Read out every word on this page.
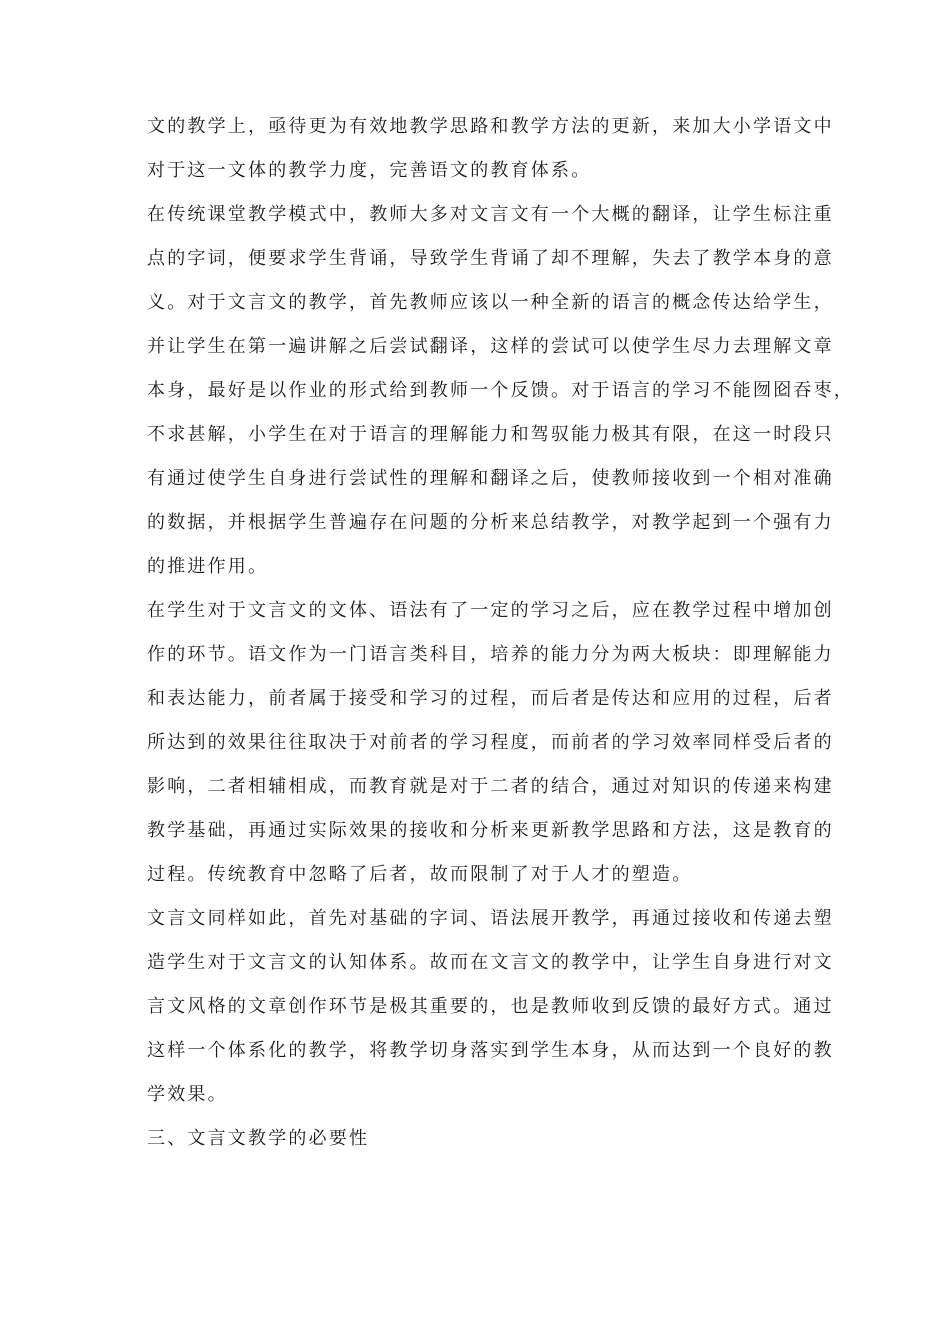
文的教学上，亟待更为有效地教学思路和教学方法的更新，来加大小学语文中
对于这一文体的教学力度，完善语文的教育体系。
在传统课堂教学模式中，教师大多对文言文有一个大概的翻译，让学生标注重
点的字词，便要求学生背诵，导致学生背诵了却不理解，失去了教学本身的意
义。对于文言文的教学，首先教师应该以一种全新的语言的概念传达给学生，
并让学生在第一遍讲解之后尝试翻译，这样的尝试可以使学生尽力去理解文章
本身，最好是以作业的形式给到教师一个反馈。对于语言的学习不能囫囵吞枣，
不求甚解，小学生在对于语言的理解能力和驾驭能力极其有限，在这一时段只
有通过使学生自身进行尝试性的理解和翻译之后，使教师接收到一个相对准确
的数据，并根据学生普遍存在问题的分析来总结教学，对教学起到一个强有力
的推进作用。
在学生对于文言文的文体、语法有了一定的学习之后，应在教学过程中增加创
作的环节。语文作为一门语言类科目，培养的能力分为两大板块：即理解能力
和表达能力，前者属于接受和学习的过程，而后者是传达和应用的过程，后者
所达到的效果往往取决于对前者的学习程度，而前者的学习效率同样受后者的
影响，二者相辅相成，而教育就是对于二者的结合，通过对知识的传递来构建
教学基础，再通过实际效果的接收和分析来更新教学思路和方法，这是教育的
过程。传统教育中忽略了后者，故而限制了对于人才的塑造。
文言文同样如此，首先对基础的字词、语法展开教学，再通过接收和传递去塑
造学生对于文言文的认知体系。故而在文言文的教学中，让学生自身进行对文
言文风格的文章创作环节是极其重要的，也是教师收到反馈的最好方式。通过
这样一个体系化的教学，将教学切身落实到学生本身，从而达到一个良好的教
学效果。
三、文言文教学的必要性
